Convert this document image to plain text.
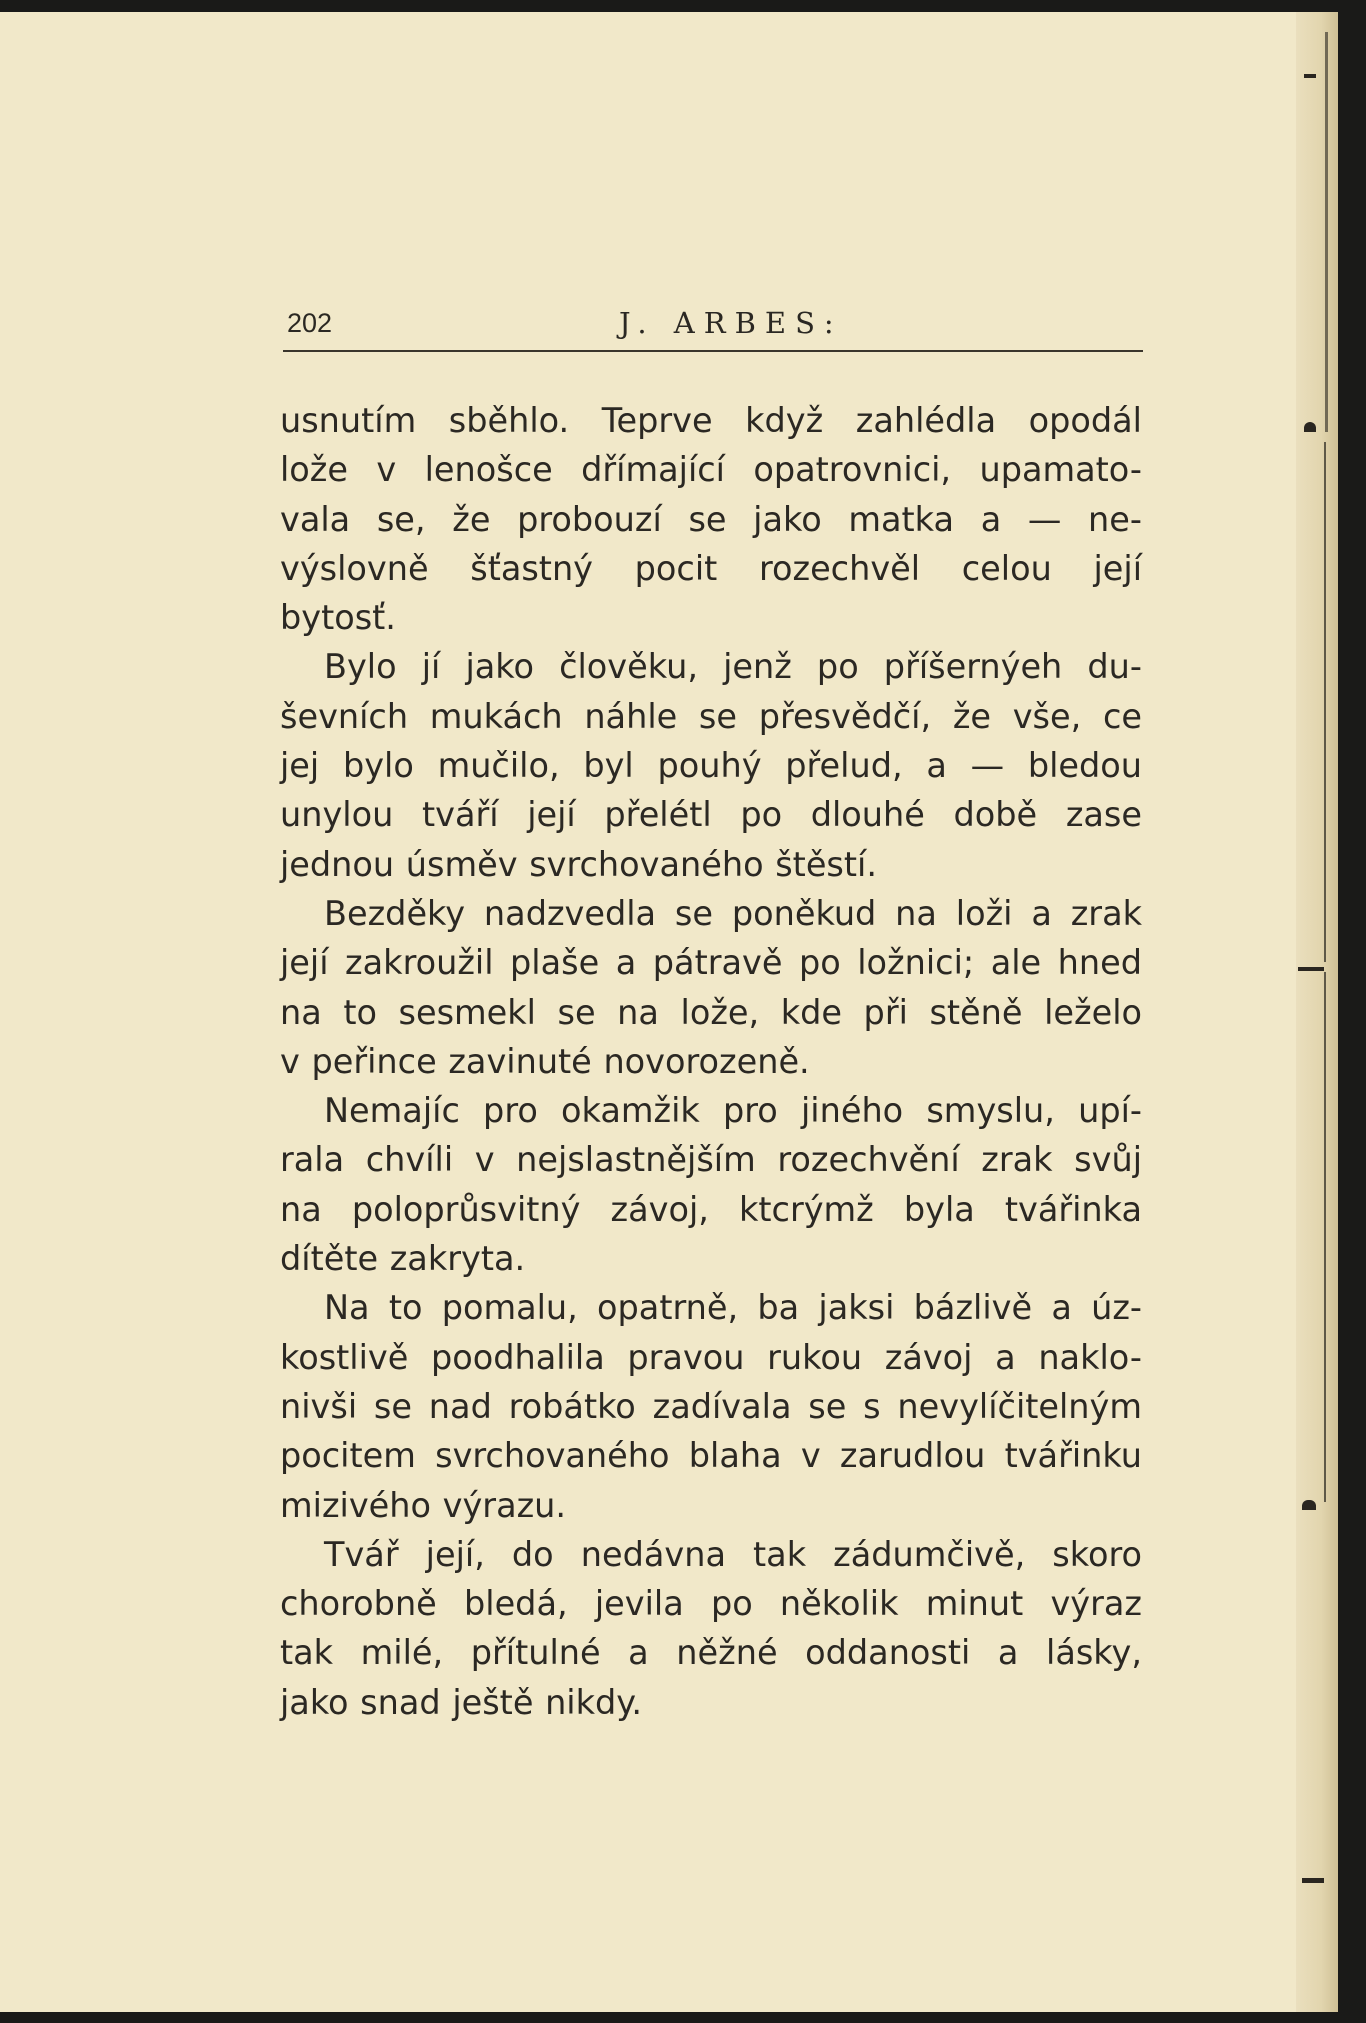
202	J. ARBES:

usnutím sběhlo. Teprve když zahlédla opodál
lože v lenošce dřímající opatrovnici, upamato-
vala se, že probouzí se jako matka a — ne-
výslovně šťastný pocit rozechvěl celou její
bytosť.

Bylo jí jako člověku, jenž po příšernýeh du-
ševních mukách náhle se přesvědčí, že vše, ce
jej bylo mučilo, byl pouhý přelud, a — bledou
unylou tváří její přelétl po dlouhé době zase
jednou úsměv svrchovaného štěstí.

Bezděky nadzvedla se poněkud na loži a zrak
její zakroužil plaše a pátravě po ložnici; ale hned
na to sesmekl se na lože, kde při stěně leželo
v peřince zavinuté novorozeně.

Nemajíc pro okamžik pro jiného smyslu, upí-
rala chvíli v nejslastnějším rozechvění zrak svůj
na poloprůsvitný závoj, ktcrýmž byla tvářinka
dítěte zakryta.

Na to pomalu, opatrně, ba jaksi bázlivě a úz-
kostlivě poodhalila pravou rukou závoj a naklo-
nivši se nad robátko zadívala se s nevylíčitelným
pocitem svrchovaného blaha v zarudlou tvářinku
mizivého výrazu.

Tvář její, do nedávna tak zádumčivě, skoro
chorobně bledá, jevila po několik minut výraz
tak milé, přítulné a něžné oddanosti a lásky,
jako snad ještě nikdy.
